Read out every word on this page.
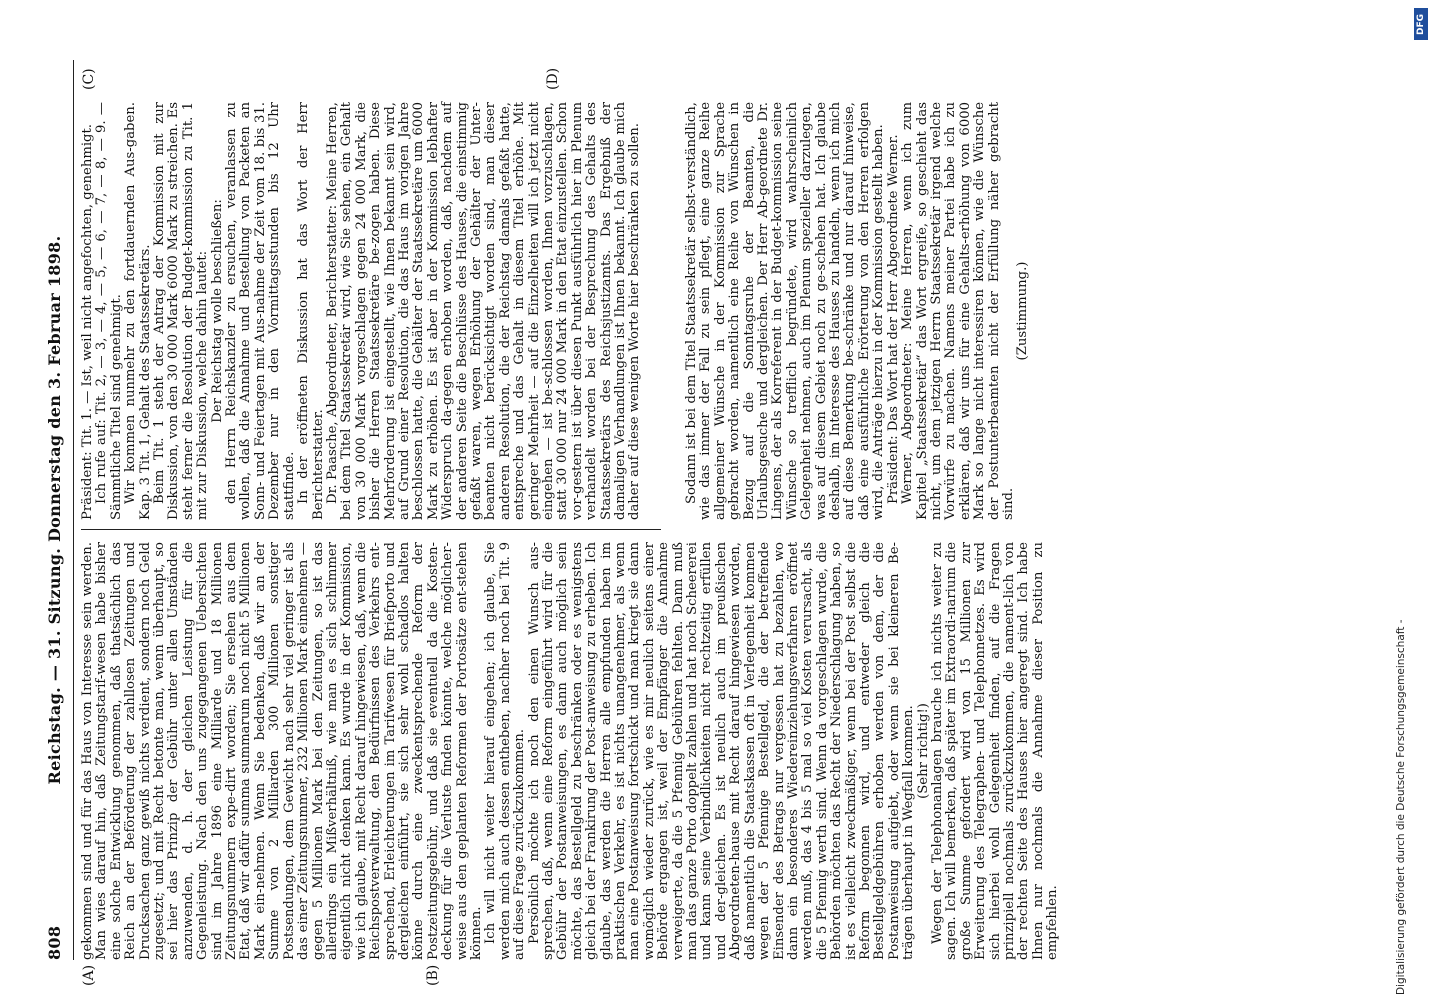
808
Reichstag. — 31. Sitzung. Donnerstag den 3. Februar 1898.
(A)	(B)
(C)	(D)

gekommen sind und für das Haus von Interesse sein werden. Man wies darauf hin, daß Zeitungstarif-wesen habe bisher eine solche Entwicklung genommen, daß thatsächlich das Reich an der Beförderung der zahllosen Zeitungen und Drucksachen ganz gewiß nichts verdient, sondern noch Geld zugesetzt; und mit Recht betonte man, wenn überhaupt, so sei hier das Prinzip der Gebühr unter allen Umständen anzuwenden, d. h. der gleichen Leistung für die Gegenleistung. Nach den uns zugegangenen Uebersichten sind im Jahre 1896 eine Milliarde und 18 Millionen Zeitungsnummern expe-dirt worden; Sie ersehen aus dem Etat, daß wir dafür summa summarum noch nicht 5 Millionen Mark ein-nehmen. Wenn Sie bedenken, daß wir an der Summe von 2 Milliarden 300 Millionen sonstiger Postsendungen, dem Gewicht nach sehr viel geringer ist als das einer Zeitungsnummer, 232 Millionen Mark einnehmen — gegen 5 Millionen Mark bei den Zeitungen, so ist das allerdings ein Mißverhältniß, wie man es sich schlimmer eigentlich nicht denken kann. Es wurde in der Kommission, wie ich glaube, mit Recht darauf hingewiesen, daß, wenn die Reichspostverwaltung, den Bedürfnissen des Verkehrs ent-sprechend, Erleichterungen im Tarifwesen für Briefporto und dergleichen einführt, sie sich sehr wohl schadlos halten könne durch eine zweckentsprechende Reform der Postzeitungsgebühr, und daß sie eventuell da die Kosten-deckung für die Verluste finden könnte, welche möglicher-weise aus den geplanten Reformen der Portosätze ent-stehen können. Ich will nicht weiter hierauf eingehen; ich glaube, Sie werden mich auch dessen entheben, nachher noch bei Tit. 9 auf diese Frage zurückzukommen. Persönlich möchte ich noch den einen Wunsch aus-sprechen, daß, wenn eine Reform eingeführt wird für die Gebühr der Postanweisungen, es dann auch möglich sein möchte, das Bestellgeld zu beschränken oder es wenigstens gleich bei der Frankirung der Post-anweisung zu erheben. Ich glaube, das werden die Herren alle empfunden haben im praktischen Verkehr, es ist nichts unangenehmer, als wenn man eine Postanweisung fortschickt und man kriegt sie dann womöglich wieder zurück, wie es mir neulich seitens einer Behörde ergangen ist, weil der Empfänger die Annahme verweigerte, da die 5 Pfennig Gebühren fehlten. Dann muß man das ganze Porto doppelt zahlen und hat noch Scheererei und kann seine Verbindlichkeiten nicht rechtzeitig erfüllen und der-gleichen. Es ist neulich auch im preußischen Abgeordneten-hause mit Recht darauf hingewiesen worden, daß namentlich die Staatskassen oft in Verlegenheit kommen wegen der 5 Pfennige Bestellgeld, die der betreffende Einsender des Betrags nur vergessen hat zu bezahlen, wo dann ein besonderes Wiedereinziehungsverfahren eröffnet werden muß, das 4 bis 5 mal so viel Kosten verursacht, als die 5 Pfennig werth sind. Wenn da vorgeschlagen wurde, die Behörden möchten das Recht der Niederschlagung haben, so ist es vielleicht zweckmäßiger, wenn bei der Post selbst die Reform begonnen wird, und entweder gleich die Bestellgeldgebühren erhoben werden von dem, der die Postanweisung aufgiebt, oder wenn sie bei kleineren Be-trägen überhaupt in Wegfall kommen. (Sehr richtig!) Wegen der Telephonanlagen brauche ich nichts weiter zu sagen. Ich will bemerken, daß später im Extraordi-narium die große Summe gefordert wird von 15 Millionen zur Erweiterung des Telegraphen- und Telephonnetzes. Es wird sich hierbei wohl Gelegenheit finden, auf die Fragen prinzipiell nochmals zurückzukommen, die nament-lich von der rechten Seite des Hauses hier angeregt sind. Ich habe Ihnen nur nochmals die Annahme dieser Position zu empfehlen.

Präsident: Tit. 1. — Ist, weil nicht angefochten, genehmigt. Ich rufe auf: Tit. 2, — 3, — 4, — 5, — 6, — 7, — 8, — 9. — Sämmtliche Titel sind genehmigt. Wir kommen nunmehr zu den fortdauernden Aus-gaben. Kap. 3 Tit. 1, Gehalt des Staatssekretärs. Beim Tit. 1 steht der Antrag der Kommission mit zur Diskussion, von den 30 000 Mark 6000 Mark zu streichen. Es steht ferner die Resolution der Budget-kommission zu Tit. 1 mit zur Diskussion, welche dahin lautet: Der Reichstag wolle beschließen: den Herrn Reichskanzler zu ersuchen, veranlassen zu wollen, daß die Annahme und Bestellung von Packeten an Sonn- und Feiertagen mit Aus-nahme der Zeit vom 18. bis 31. Dezember nur in den Vormittagsstunden bis 12 Uhr stattfinde. In der eröffneten Diskussion hat das Wort der Herr Berichterstatter. Dr. Paasche, Abgeordneter, Berichterstatter: Meine Herren, bei dem Titel Staatssekretär wird, wie Sie sehen, ein Gehalt von 30 000 Mark vorgeschlagen gegen 24 000 Mark, die bisher die Herren Staatssekretäre be-zogen haben. Diese Mehrforderung ist eingestellt, wie Ihnen bekannt sein wird, auf Grund einer Resolution, die das Haus im vorigen Jahre beschlossen hatte, die Gehälter der Staatssekretäre um 6000 Mark zu erhöhen. Es ist aber in der Kommission lebhafter Widerspruch da-gegen erhoben worden, daß, nachdem auf der anderen Seite die Beschlüsse des Hauses, die einstimmig gefaßt waren, wegen Erhöhung der Gehälter der Unter-beamten nicht berücksichtigt worden sind, man dieser anderen Resolution, die der Reichstag damals gefaßt hatte, entspreche und das Gehalt in diesem Titel erhöhe. Mit geringer Mehrheit — auf die Einzelheiten will ich jetzt nicht eingehen — ist be-schlossen worden, Ihnen vorzuschlagen, statt 30 000 nur 24 000 Mark in den Etat einzustellen. Schon vor-gestern ist über diesen Punkt ausführlich hier im Plenum verhandelt worden bei der Besprechung des Gehalts des Staatssekretärs des Reichsjustizamts. Das Ergebniß der damaligen Verhandlungen ist Ihnen bekannt. Ich glaube mich daher auf diese wenigen Worte hier beschränken zu sollen.	Sodann ist bei dem Titel Staatssekretär selbst-verständlich, wie das immer der Fall zu sein pflegt, eine ganze Reihe allgemeiner Wünsche in der Kommission zur Sprache gebracht worden, namentlich eine Reihe von Wünschen in Bezug auf die Sonntagsruhe der Beamten, die Urlaubsgesuche und dergleichen. Der Herr Ab-geordnete Dr. Lingens, der als Korreferent in der Budget-kommission seine Wünsche so trefflich begründete, wird wahrscheinlich Gelegenheit nehmen, auch im Plenum spezieller darzulegen, was auf diesem Gebiet noch zu ge-schehen hat. Ich glaube deshalb, im Interesse des Hauses zu handeln, wenn ich mich auf diese Bemerkung be-schränke und nur darauf hinweise, daß eine ausführliche Erörterung von den Herren erfolgen wird, die Anträge hierzu in der Kommission gestellt haben. Präsident: Das Wort hat der Herr Abgeordnete Werner. Werner, Abgeordneter: Meine Herren, wenn ich zum Kapitel „Staatssekretär“ das Wort ergreife, so geschieht das nicht, um dem jetzigen Herrn Staatssekretär irgend welche Vorwürfe zu machen. Namens meiner Partei habe ich zu erklären, daß wir uns für eine Gehalts-erhöhung von 6000 Mark so lange nicht interessiren können, wie die Wünsche der Postunterbeamten nicht der Erfüllung näher gebracht sind.

(Zustimmung.)

Digitalisierung gefördert durch die Deutsche Forschungsgemeinschaft -
DFG
